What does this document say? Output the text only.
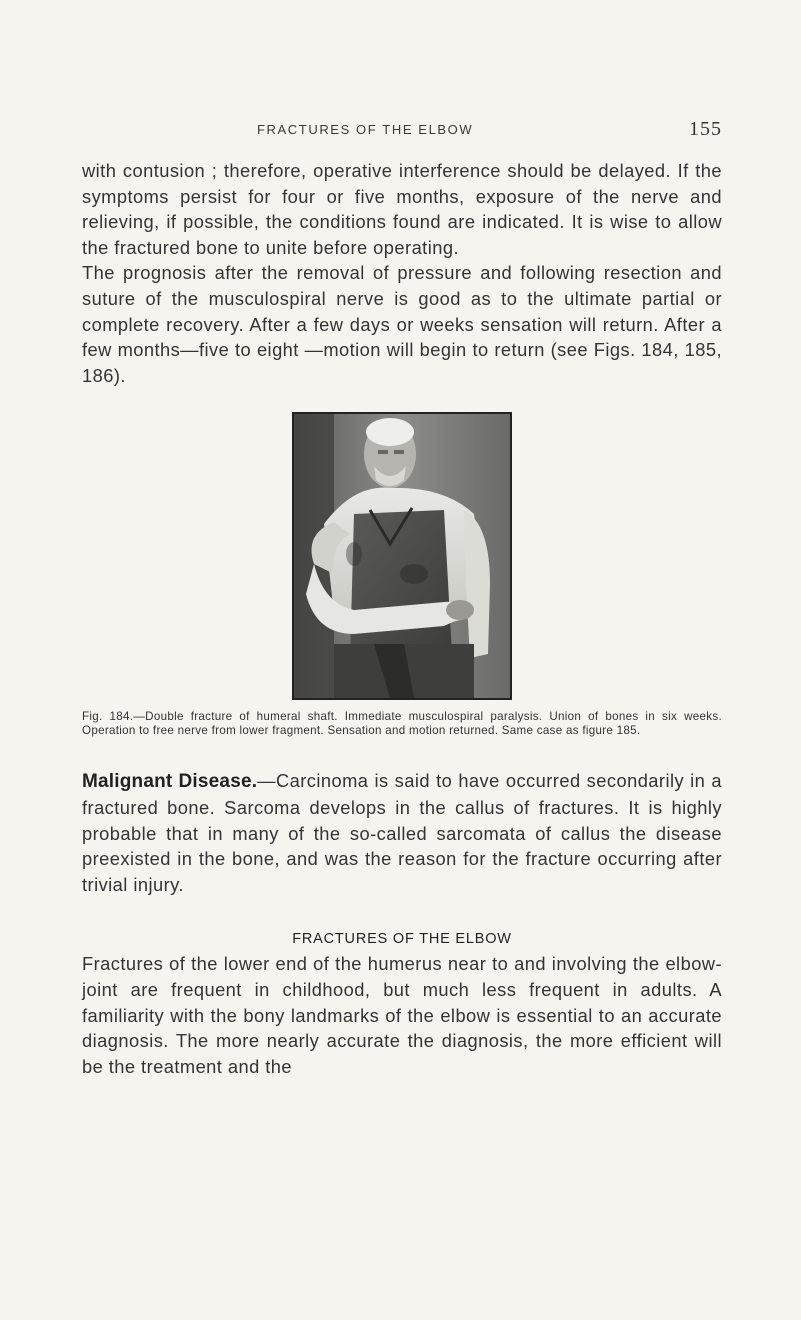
FRACTURES OF THE ELBOW	155

with contusion ; therefore, operative interference should be delayed. If the symptoms persist for four or five months, exposure of the nerve and relieving, if possible, the conditions found are indicated. It is wise to allow the fractured bone to unite before operating.

The prognosis after the removal of pressure and following resection and suture of the musculospiral nerve is good as to the ultimate partial or complete recovery. After a few days or weeks sensation will return. After a few months—five to eight —motion will begin to return (see Figs. 184, 185, 186).

Fig. 184.—Double fracture of humeral shaft. Immediate musculospiral paralysis. Union of bones in six weeks. Operation to free nerve from lower fragment. Sensation and motion returned. Same case as figure 185.

Malignant Disease.—Carcinoma is said to have occurred secondarily in a fractured bone. Sarcoma develops in the callus of fractures. It is highly probable that in many of the so-called sarcomata of callus the disease preexisted in the bone, and was the reason for the fracture occurring after trivial injury.

FRACTURES OF THE ELBOW

Fractures of the lower end of the humerus near to and involving the elbow-joint are frequent in childhood, but much less frequent in adults. A familiarity with the bony landmarks of the elbow is essential to an accurate diagnosis. The more nearly accurate the diagnosis, the more efficient will be the treatment and the
